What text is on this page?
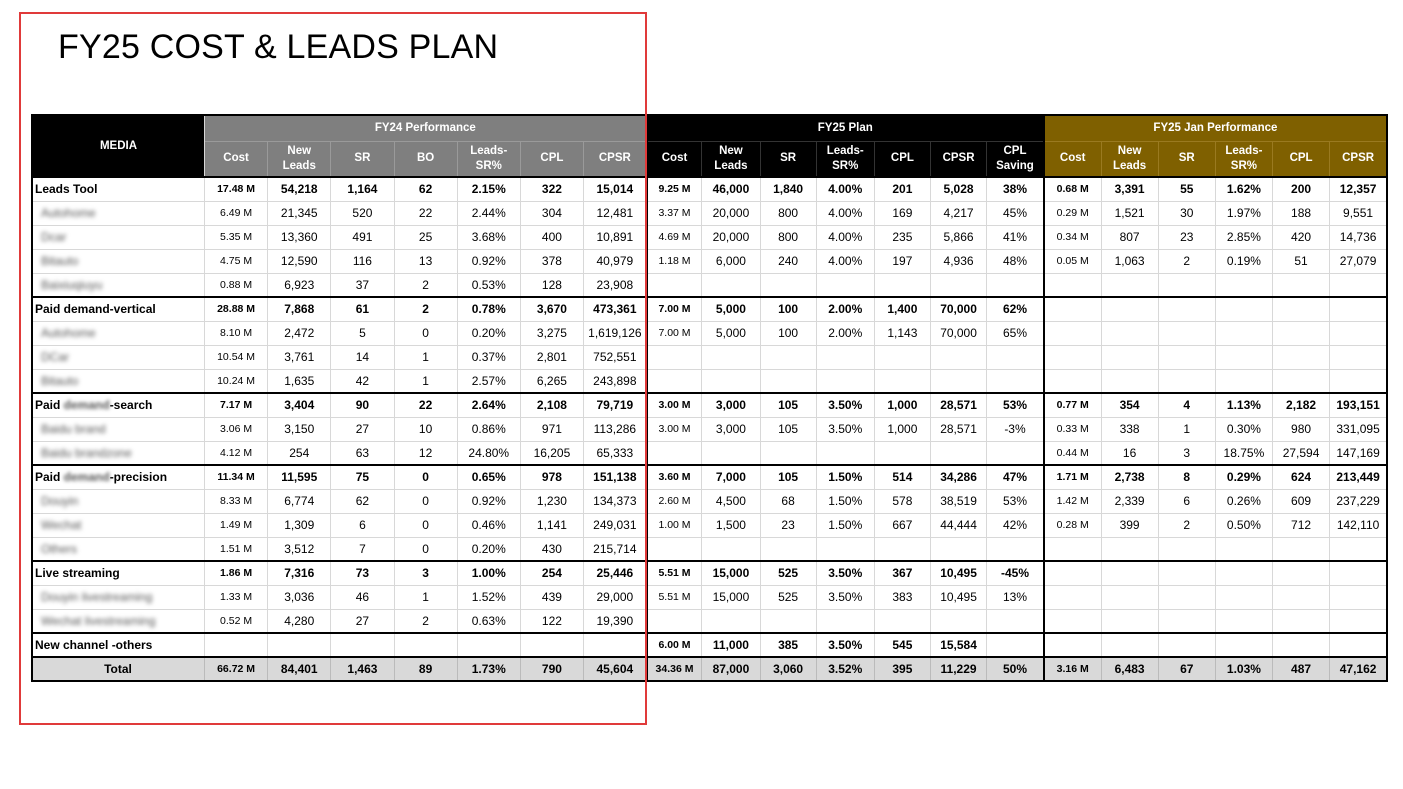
FY25 COST & LEADS PLAN
MEDIA	FY24 Performance							FY25 Plan							FY25 Jan Performance					
	Cost	New Leads	SR	BO	Leads-SR%	CPL	CPSR	Cost	New Leads	SR	Leads-SR%	CPL	CPSR	CPL Saving	Cost	New Leads	SR	Leads-SR%	CPL	CPSR
Leads Tool	17.48 M	54,218	1,164	62	2.15%	322	15,014	9.25 M	46,000	1,840	4.00%	201	5,028	38%	0.68 M	3,391	55	1.62%	200	12,357
Autohome	6.49 M	21,345	520	22	2.44%	304	12,481	3.37 M	20,000	800	4.00%	169	4,217	45%	0.29 M	1,521	30	1.97%	188	9,551
Dcar	5.35 M	13,360	491	25	3.68%	400	10,891	4.69 M	20,000	800	4.00%	235	5,866	41%	0.34 M	807	23	2.85%	420	14,736
Bitauto	4.75 M	12,590	116	13	0.92%	378	40,979	1.18 M	6,000	240	4.00%	197	4,936	48%	0.05 M	1,063	2	0.19%	51	27,079
Baixiuqiuyu	0.88 M	6,923	37	2	0.53%	128	23,908													
Paid demand-vertical	28.88 M	7,868	61	2	0.78%	3,670	473,361	7.00 M	5,000	100	2.00%	1,400	70,000	62%						
Autohome	8.10 M	2,472	5	0	0.20%	3,275	1,619,126	7.00 M	5,000	100	2.00%	1,143	70,000	65%						
DCar	10.54 M	3,761	14	1	0.37%	2,801	752,551													
Bitauto	10.24 M	1,635	42	1	2.57%	6,265	243,898													
Paid demand-search	7.17 M	3,404	90	22	2.64%	2,108	79,719	3.00 M	3,000	105	3.50%	1,000	28,571	53%	0.77 M	354	4	1.13%	2,182	193,151
Baidu brand	3.06 M	3,150	27	10	0.86%	971	113,286	3.00 M	3,000	105	3.50%	1,000	28,571	-3%	0.33 M	338	1	0.30%	980	331,095
Baidu brandzone	4.12 M	254	63	12	24.80%	16,205	65,333								0.44 M	16	3	18.75%	27,594	147,169
Paid demand-precision	11.34 M	11,595	75	0	0.65%	978	151,138	3.60 M	7,000	105	1.50%	514	34,286	47%	1.71 M	2,738	8	0.29%	624	213,449
Douyin	8.33 M	6,774	62	0	0.92%	1,230	134,373	2.60 M	4,500	68	1.50%	578	38,519	53%	1.42 M	2,339	6	0.26%	609	237,229
Wechat	1.49 M	1,309	6	0	0.46%	1,141	249,031	1.00 M	1,500	23	1.50%	667	44,444	42%	0.28 M	399	2	0.50%	712	142,110
Others	1.51 M	3,512	7	0	0.20%	430	215,714													
Live streaming	1.86 M	7,316	73	3	1.00%	254	25,446	5.51 M	15,000	525	3.50%	367	10,495	-45%						
Douyin livestreaming	1.33 M	3,036	46	1	1.52%	439	29,000	5.51 M	15,000	525	3.50%	383	10,495	13%						
Wechat livestreaming	0.52 M	4,280	27	2	0.63%	122	19,390													
New channel -others								6.00 M	11,000	385	3.50%	545	15,584							
Total	66.72 M	84,401	1,463	89	1.73%	790	45,604	34.36 M	87,000	3,060	3.52%	395	11,229	50%	3.16 M	6,483	67	1.03%	487	47,162
